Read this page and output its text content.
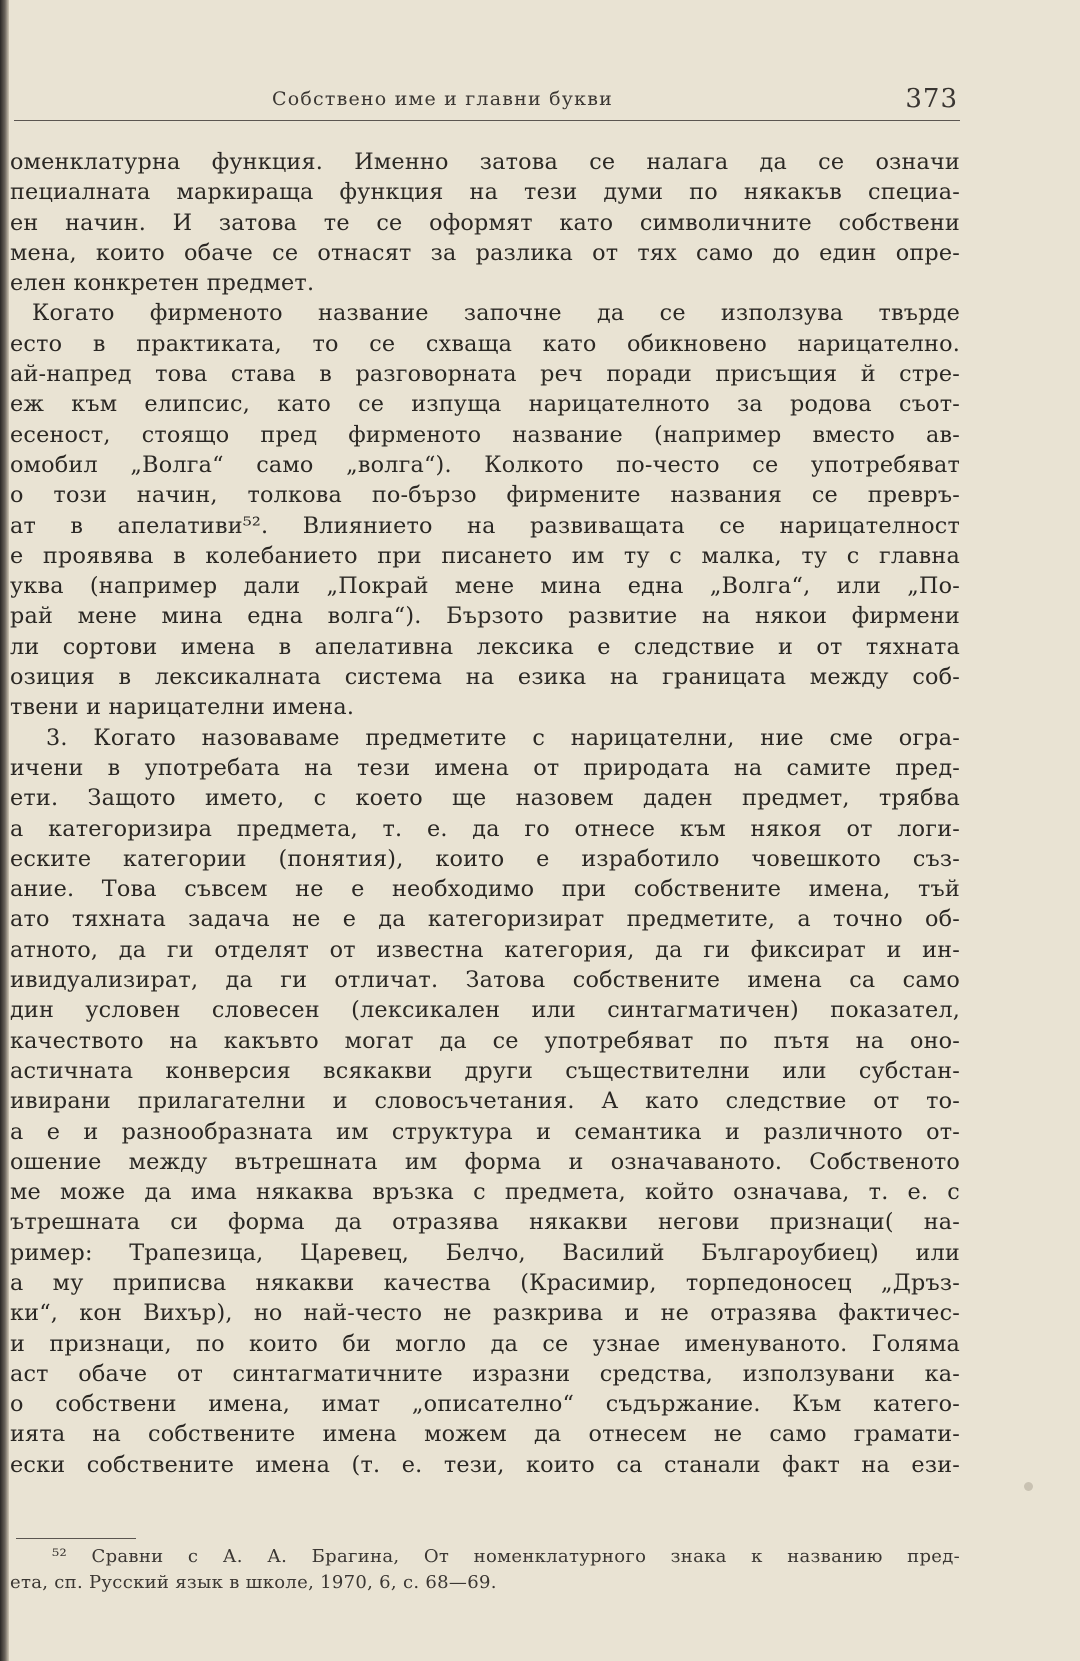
Собствено име и главни букви	373
оменклатурна функция. Именно затова се налага да се означи
пециалната маркираща функция на тези думи по някакъв специа-
ен начин. И затова те се оформят като символичните собствени
мена, които обаче се отнасят за разлика от тях само до един опре-
елен конкретен предмет.
Когато фирменото название започне да се използува твърде
есто в практиката, то се схваща като обикновено нарицателно.
ай-напред това става в разговорната реч поради присъщия й стре-
еж към елипсис, като се изпуща нарицателното за родова съот-
есеност, стоящо пред фирменото название (например вместо ав-
омобил „Волга“ само „волга“). Колкото по-често се употребяват
о този начин, толкова по-бързо фирмените названия се превръ-
ат в апелативи⁵². Влиянието на развиващата се нарицателност
е проявява в колебанието при писането им ту с малка, ту с главна
уква (например дали „Покрай мене мина една „Волга“, или „По-
рай мене мина една волга“). Бързото развитие на някои фирмени
ли сортови имена в апелативна лексика е следствие и от тяхната
озиция в лексикалната система на езика на границата между соб-
твени и нарицателни имена.
3. Когато назоваваме предметите с нарицателни, ние сме огра-
ичени в употребата на тези имена от природата на самите пред-
ети. Защото името, с което ще назовем даден предмет, трябва
а категоризира предмета, т. е. да го отнесе към някоя от логи-
еските категории (понятия), които е изработило човешкото съз-
ание. Това съвсем не е необходимо при собствените имена, тъй
ато тяхната задача не е да категоризират предметите, а точно об-
атното, да ги отделят от известна категория, да ги фиксират и ин-
ивидуализират, да ги отличат. Затова собствените имена са само
дин условен словесен (лексикален или синтагматичен) показател,
качеството на какъвто могат да се употребяват по пътя на оно-
астичната конверсия всякакви други съществителни или субстан-
ивирани прилагателни и словосъчетания. А като следствие от то-
а е и разнообразната им структура и семантика и различното от-
ошение между вътрешната им форма и означаваното. Собственото
ме може да има някаква връзка с предмета, който означава, т. е. с
ътрешната си форма да отразява някакви негови признаци( на-
ример: Трапезица, Царевец, Белчо, Василий Българоубиец) или
а му приписва някакви качества (Красимир, торпедоносец „Дръз-
ки“, кон Вихър), но най-често не разкрива и не отразява фактичес-
и признаци, по които би могло да се узнае именуваното. Голяма
аст обаче от синтагматичните изразни средства, използувани ка-
о собствени имена, имат „описателно“ съдържание. Към катего-
ията на собствените имена можем да отнесем не само грамати-
ески собствените имена (т. е. тези, които са станали факт на ези-
⁵² Сравни с А. А. Брагина, От номенклатурного знака к названию пред-
ета, сп. Русский язык в школе, 1970, 6, с. 68—69.
